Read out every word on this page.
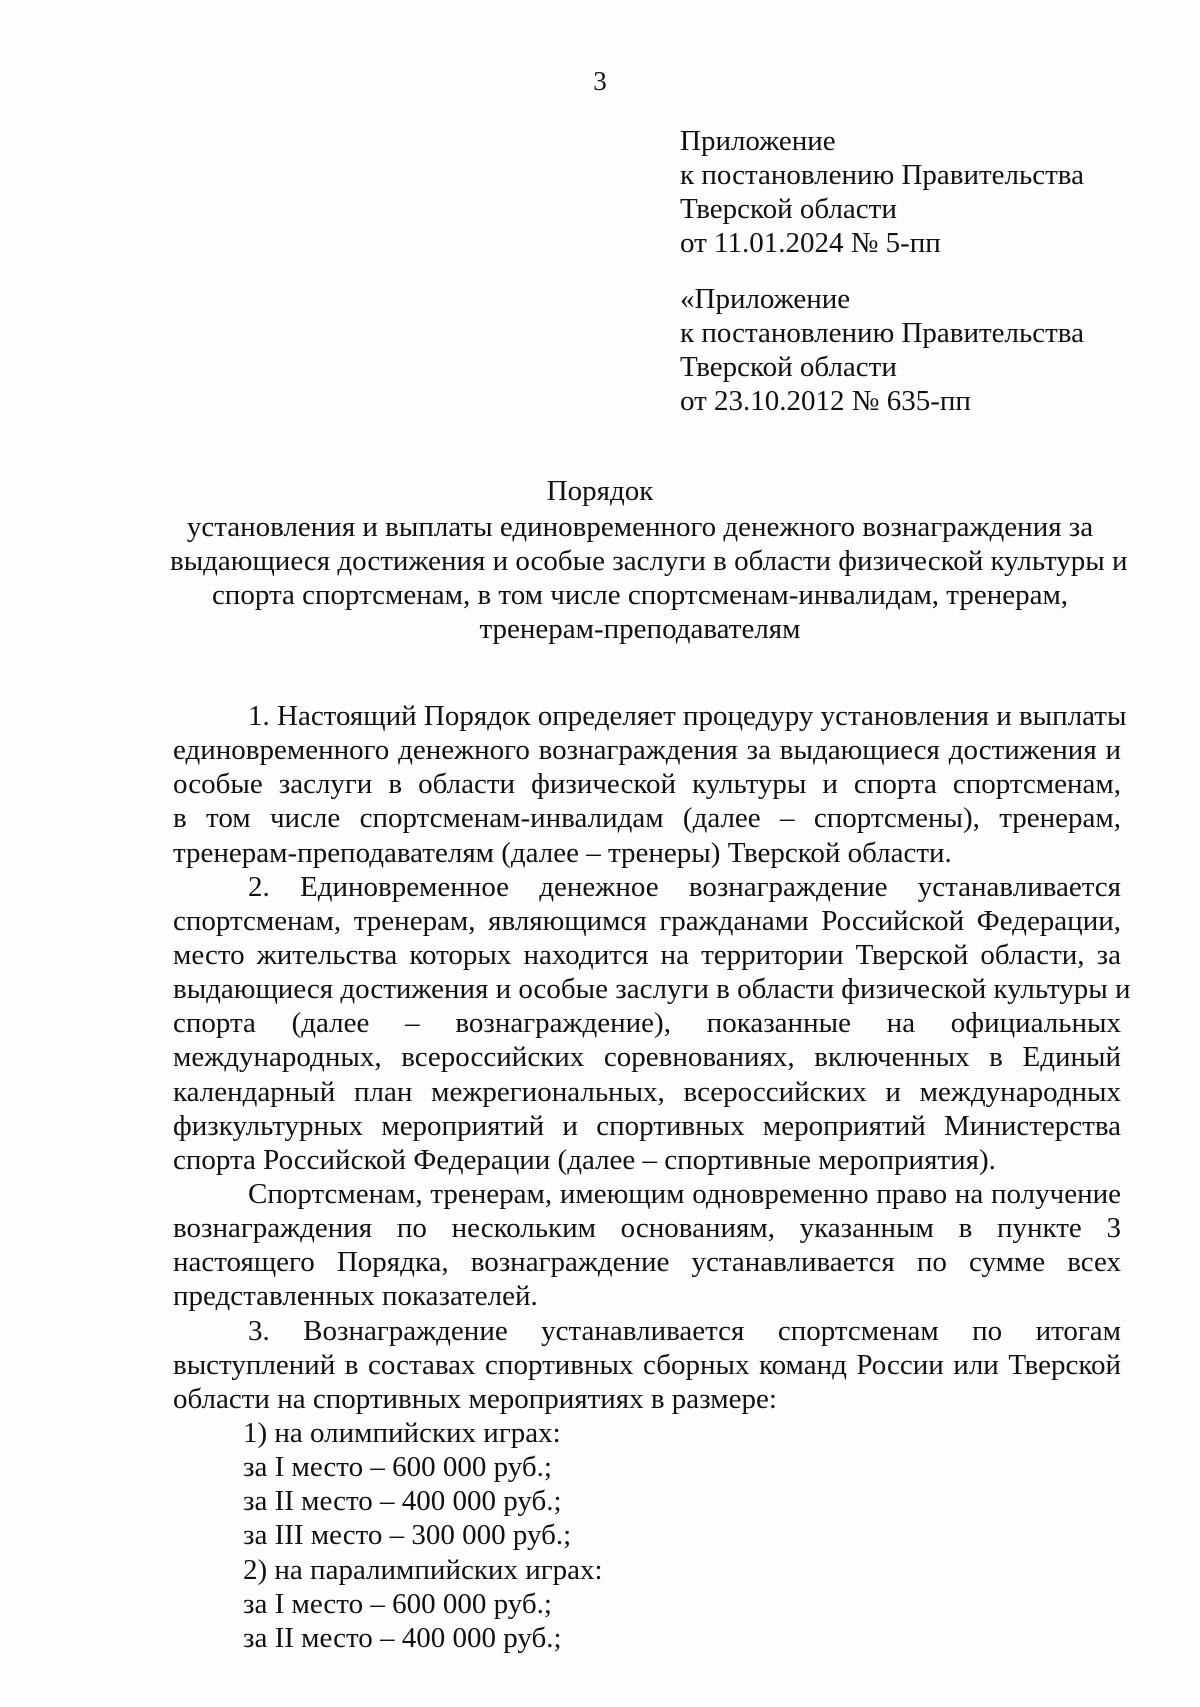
3
Приложение
к постановлению Правительства
Тверской области
от 11.01.2024 № 5-пп
«Приложение
к постановлению Правительства
Тверской области
от 23.10.2012 № 635-пп
Порядок
установления и выплаты единовременного денежного вознаграждения за
выдающиеся достижения и особые заслуги в области физической культуры и
спорта спортсменам, в том числе спортсменам-инвалидам, тренерам,
тренерам-преподавателям
1. Настоящий Порядок определяет процедуру установления и выплаты
единовременного денежного вознаграждения за выдающиеся достижения и
особые заслуги в области физической культуры и спорта спортсменам,
в том числе спортсменам-инвалидам (далее – спортсмены), тренерам,
тренерам-преподавателям (далее – тренеры) Тверской области.
2. Единовременное денежное вознаграждение устанавливается
спортсменам, тренерам, являющимся гражданами Российской Федерации,
место жительства которых находится на территории Тверской области, за
выдающиеся достижения и особые заслуги в области физической культуры и
спорта (далее – вознаграждение), показанные на официальных
международных, всероссийских соревнованиях, включенных в Единый
календарный план межрегиональных, всероссийских и международных
физкультурных мероприятий и спортивных мероприятий Министерства
спорта Российской Федерации (далее – спортивные мероприятия).
Спортсменам, тренерам, имеющим одновременно право на получение
вознаграждения по нескольким основаниям, указанным в пункте 3
настоящего Порядка, вознаграждение устанавливается по сумме всех
представленных показателей.
3. Вознаграждение устанавливается спортсменам по итогам
выступлений в составах спортивных сборных команд России или Тверской
области на спортивных мероприятиях в размере:
1) на олимпийских играх:
за I место – 600 000 руб.;
за II место – 400 000 руб.;
за III место – 300 000 руб.;
2) на паралимпийских играх:
за I место – 600 000 руб.;
за II место – 400 000 руб.;
